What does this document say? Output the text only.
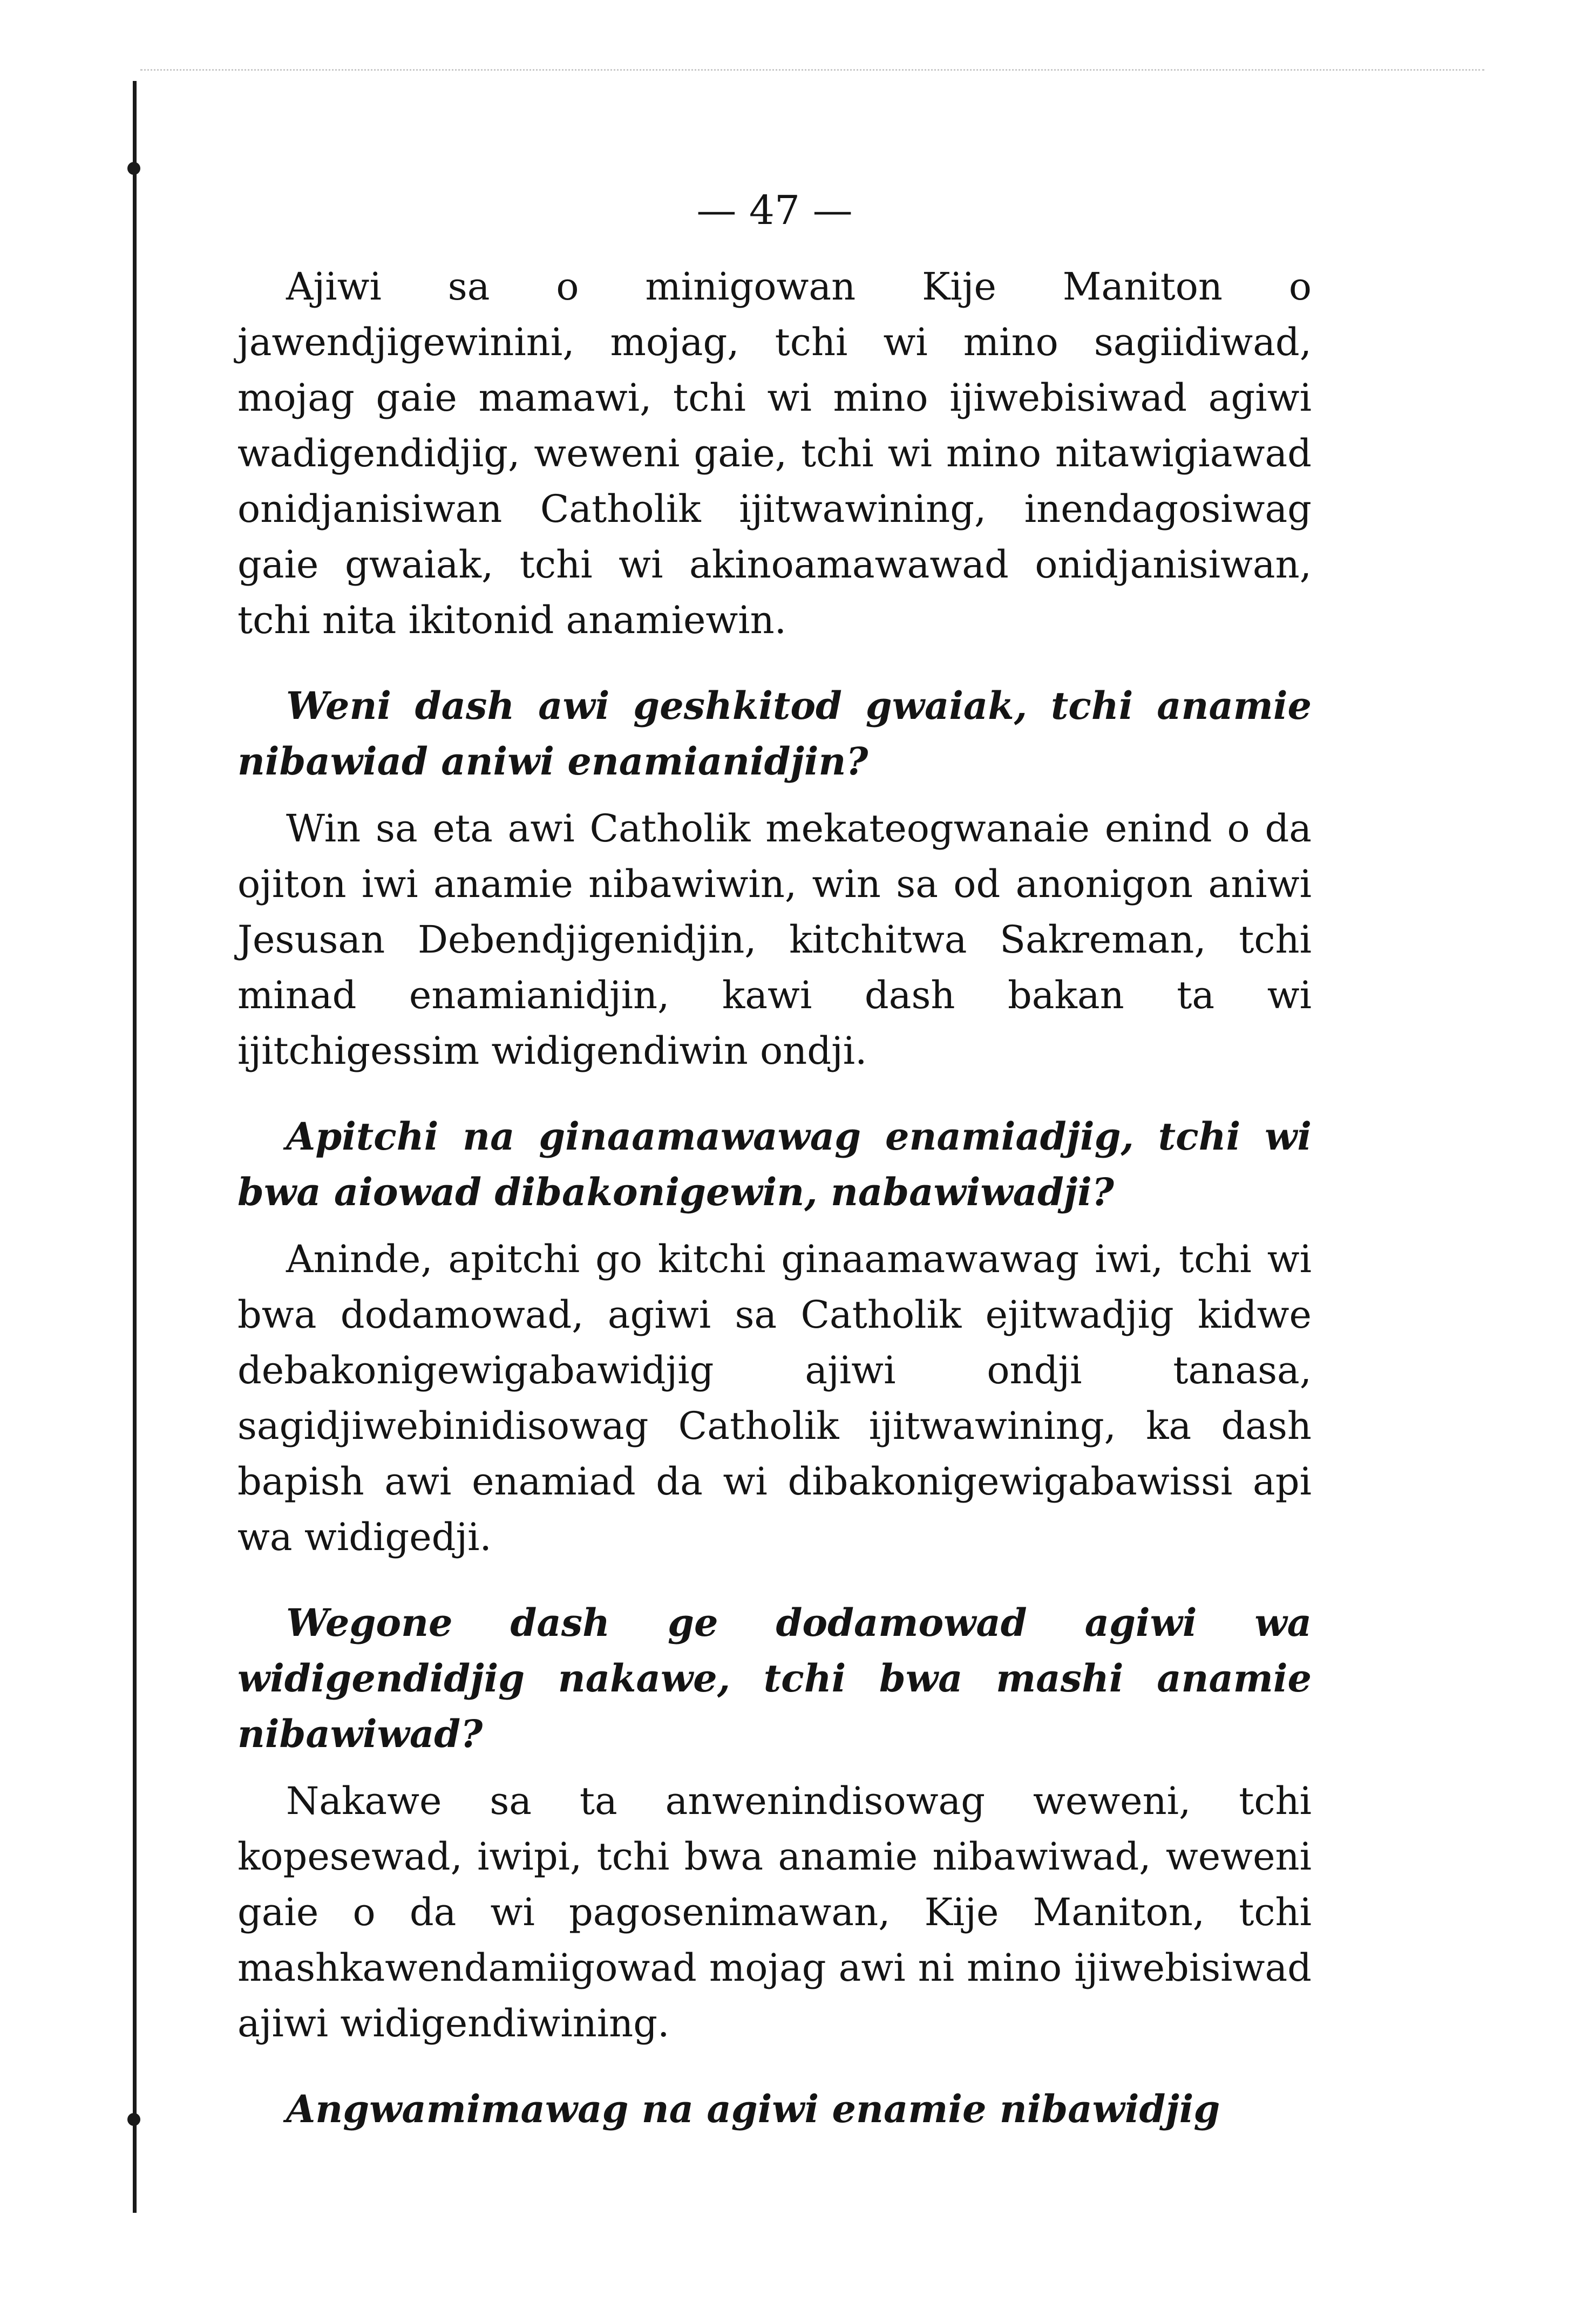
— 47 —

Ajiwi sa o minigowan Kije Maniton o jawendjigewinini, mojag, tchi wi mino sagiidiwad, mojag gaie mamawi, tchi wi mino ijiwebisiwad agiwi wadigendidjig, weweni gaie, tchi wi mino nitawigiawad onidjanisiwan Catholik ijitwawining, inendagosiwag gaie gwaiak, tchi wi akinoamawawad onidjanisiwan, tchi nita ikitonid anamiewin.

Weni dash awi geshkitod gwaiak, tchi anamie nibawiad aniwi enamianidjin?

Win sa eta awi Catholik mekateogwanaie enind o da ojiton iwi anamie nibawiwin, win sa od anonigon aniwi Jesusan Debendjigenidjin, kitchitwa Sakreman, tchi minad enamianidjin, kawi dash bakan ta wi ijitchigessim widigendiwin ondji.

Apitchi na ginaamawawag enamiadjig, tchi wi bwa aiowad dibakonigewin, nabawiwadji?

Aninde, apitchi go kitchi ginaamawawag iwi, tchi wi bwa dodamowad, agiwi sa Catholik ejitwadjig kidwe debakonigewigabawidjig ajiwi ondji tanasa, sagidjiwebinidisowag Catholik ijitwawining, ka dash bapish awi enamiad da wi dibakonigewigabawissi api wa widigedji.

Wegone dash ge dodamowad agiwi wa widigendidjig nakawe, tchi bwa mashi anamie nibawiwad?

Nakawe sa ta anwenindisowag weweni, tchi kopesewad, iwipi, tchi bwa anamie nibawiwad, weweni gaie o da wi pagosenimawan, Kije Maniton, tchi mashkawendamiigowad mojag awi ni mino ijiwebisiwad ajiwi widigendiwining.

Angwamimawag na agiwi enamie nibawidjig
